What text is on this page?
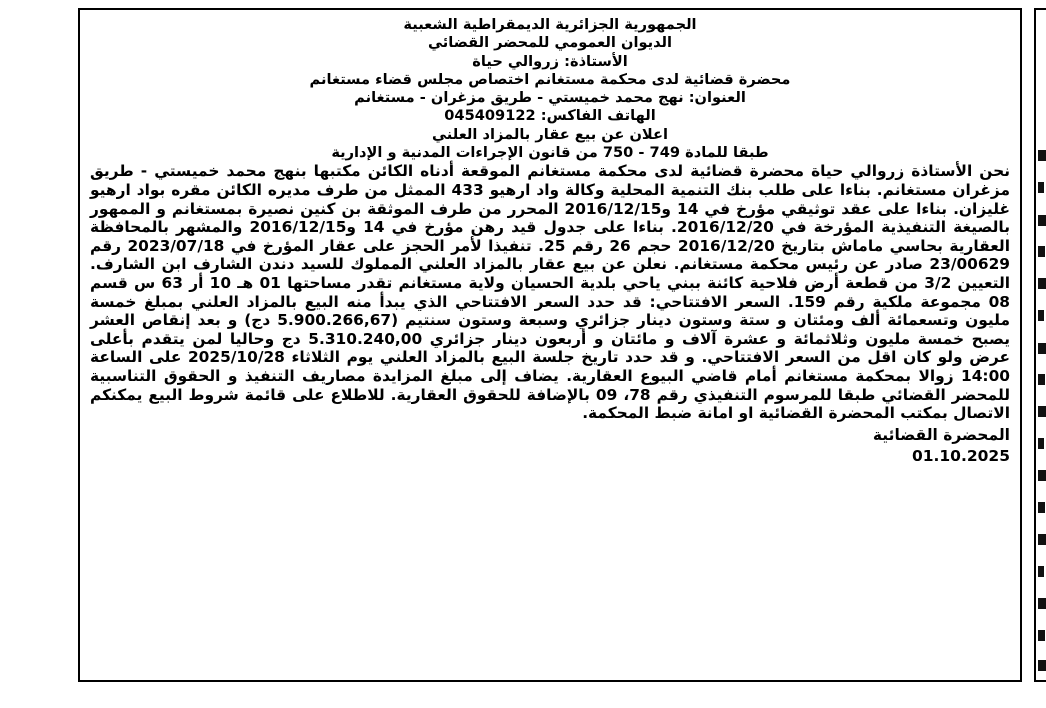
الجمهورية الجزائرية الديمقراطية الشعبية
الديوان العمومي للمحضر القضائي
الأستاذة: زروالي حياة
محضرة قضائية لدى محكمة مستغانم اختصاص مجلس قضاء مستغانم
العنوان: نهج محمد خميستي - طريق مزغران - مستغانم
الهاتف الفاكس: 045409122
اعلان عن بيع عقار بالمزاد العلني
طبقا للمادة 749 - 750 من قانون الإجراءات المدنية و الإدارية
نحن الأستاذة زروالي حياة محضرة قضائية لدى محكمة مستغانم الموقعة أدناه الكائن مكتبها بنهج محمد خميستي - طريق مزغران مستغانم. بناءا على طلب بنك التنمية المحلية وكالة واد ارهيو 433 الممثل من طرف مديره الكائن مقره بواد ارهيو غليزان. بناءا على عقد توثيقي مؤرخ في 14 و2016/12/15 المحرر من طرف الموثقة بن كنين نصيرة بمستغانم و الممهور بالصيغة التنفيذية المؤرخة في 2016/12/20. بناءا على جدول قيد رهن مؤرخ في 14 و2016/12/15 والمشهر بالمحافظة العقارية بحاسي ماماش بتاريخ 2016/12/20 حجم 26 رقم 25. تنفيذا لأمر الحجز على عقار المؤرخ في 2023/07/18 رقم 23/00629 صادر عن رئيس محكمة مستغانم. نعلن عن بيع عقار بالمزاد العلني المملوك للسيد دندن الشارف ابن الشارف. التعيين 3/2 من قطعة أرض فلاحية كائنة ببني ياحي بلدية الحسيان ولاية مستغانم تقدر مساحتها 01 هـ 10 أر 63 س قسم 08 مجموعة ملكية رقم 159. السعر الافتتاحي: قد حدد السعر الافتتاحي الذي يبدأ منه البيع بالمزاد العلني بمبلغ خمسة مليون وتسعمائة ألف ومئتان و ستة وستون دينار جزائري وسبعة وستون سنتيم (5.900.266,67 دج) و بعد إنقاص العشر يصبح خمسة مليون وثلاثمائة و عشرة آلاف و مائتان و أربعون دينار جزائري 5.310.240,00 دج وحاليا لمن يتقدم بأعلى عرض ولو كان اقل من السعر الافتتاحي. و قد حدد تاريخ جلسة البيع بالمزاد العلني يوم الثلاثاء 2025/10/28 على الساعة 14:00 زوالا بمحكمة مستغانم أمام قاضي البيوع العقارية. يضاف إلى مبلغ المزايدة مصاريف التنفيذ و الحقوق التناسبية للمحضر القضائي طبقا للمرسوم التنفيذي رقم 78، 09 بالإضافة للحقوق العقارية. للاطلاع على قائمة شروط البيع يمكنكم الاتصال بمكتب المحضرة القضائية او امانة ضبط المحكمة.
المحضرة القضائية
01.10.2025
